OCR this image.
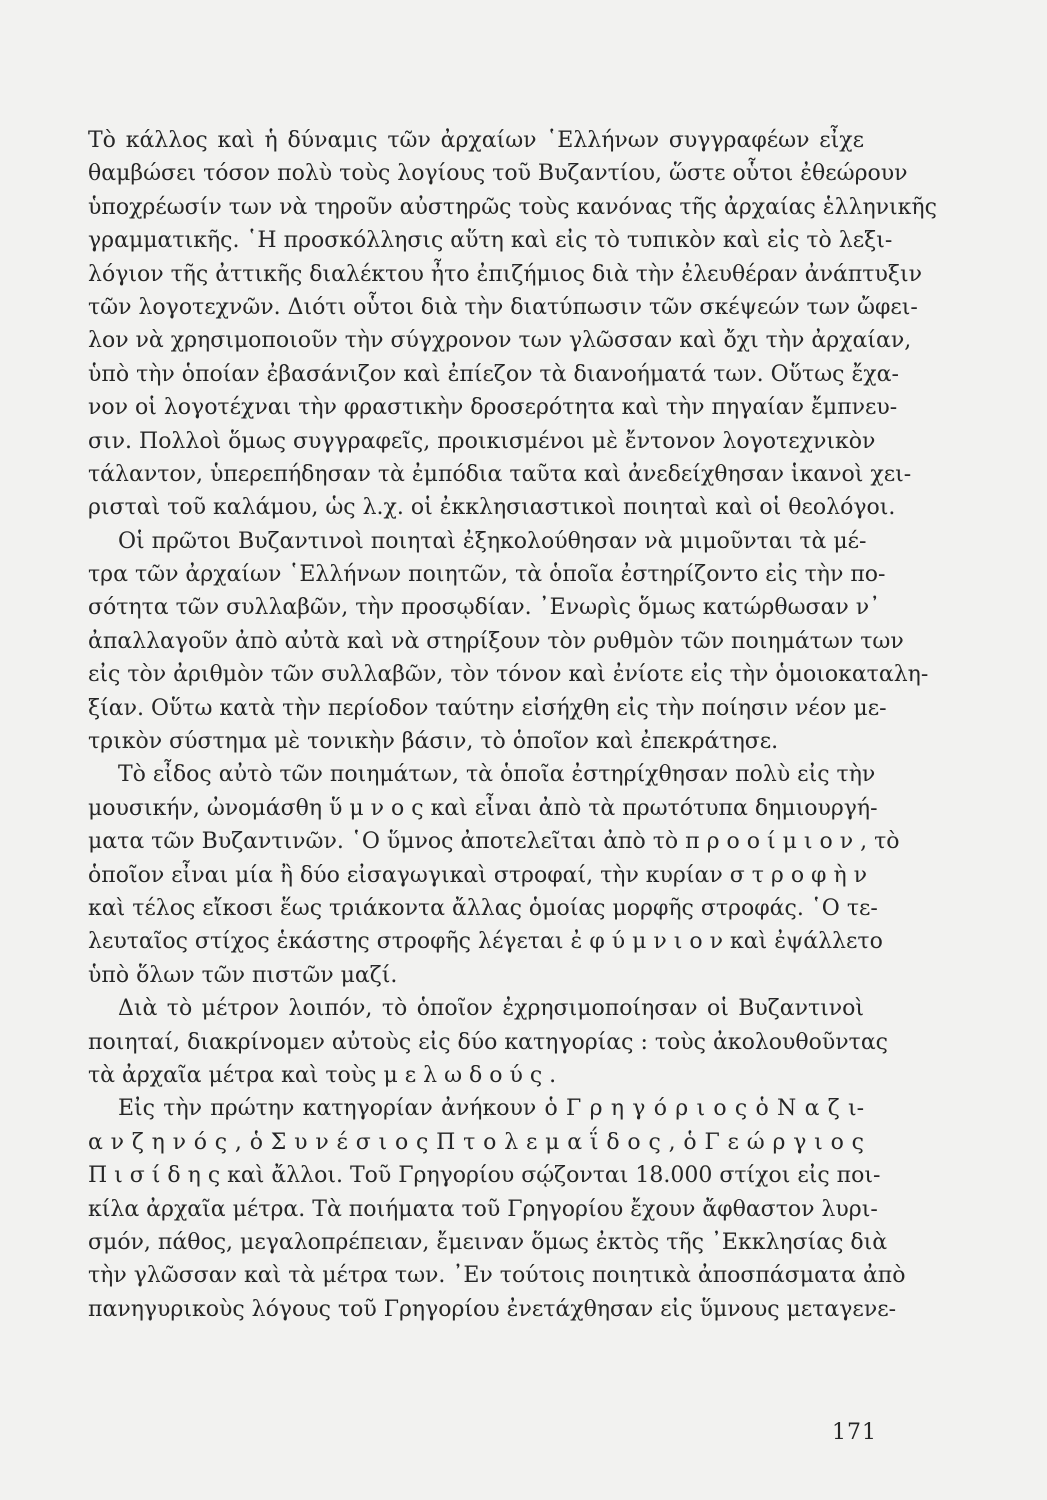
Τὸ κάλλος καὶ ἡ δύναμις τῶν ἀρχαίων ῾Ελλήνων συγγραφέων εἶχε
θαμβώσει τόσον πολὺ τοὺς λογίους τοῦ Βυζαντίου, ὥστε οὗτοι ἐθεώρουν
ὑποχρέωσίν των νὰ τηροῦν αὐστηρῶς τοὺς κανόνας τῆς ἀρχαίας ἑλληνικῆς
γραμματικῆς. ῾Η προσκόλλησις αὕτη καὶ εἰς τὸ τυπικὸν καὶ εἰς τὸ λεξι-
λόγιον τῆς ἀττικῆς διαλέκτου ἦτο ἐπιζήμιος διὰ τὴν ἐλευθέραν ἀνάπτυξιν
τῶν λογοτεχνῶν. Διότι οὗτοι διὰ τὴν διατύπωσιν τῶν σκέψεών των ὤφει-
λον νὰ χρησιμοποιοῦν τὴν σύγχρονον των γλῶσσαν καὶ ὄχι τὴν ἀρχαίαν,
ὑπὸ τὴν ὁποίαν ἐβασάνιζον καὶ ἐπίεζον τὰ διανοήματά των. Οὕτως ἔχα-
νον οἱ λογοτέχναι τὴν φραστικὴν δροσερότητα καὶ τὴν πηγαίαν ἔμπνευ-
σιν. Πολλοὶ ὅμως συγγραφεῖς, προικισμένοι μὲ ἔντονον λογοτεχνικὸν
τάλαντον, ὑπερεπήδησαν τὰ ἐμπόδια ταῦτα καὶ ἀνεδείχθησαν ἱκανοὶ χει-
ρισταὶ τοῦ καλάμου, ὡς λ.χ. οἱ ἐκκλησιαστικοὶ ποιηταὶ καὶ οἱ θεολόγοι.
Οἱ πρῶτοι Βυζαντινοὶ ποιηταὶ ἐξηκολούθησαν νὰ μιμοῦνται τὰ μέ-
τρα τῶν ἀρχαίων ῾Ελλήνων ποιητῶν, τὰ ὁποῖα ἐστηρίζοντο εἰς τὴν πο-
σότητα τῶν συλλαβῶν, τὴν προσῳδίαν. ᾿Ενωρὶς ὅμως κατώρθωσαν ν᾿
ἀπαλλαγοῦν ἀπὸ αὐτὰ καὶ νὰ στηρίξουν τὸν ρυθμὸν τῶν ποιημάτων των
εἰς τὸν ἀριθμὸν τῶν συλλαβῶν, τὸν τόνον καὶ ἐνίοτε εἰς τὴν ὁμοιοκαταλη-
ξίαν. Οὕτω κατὰ τὴν περίοδον ταύτην εἰσήχθη εἰς τὴν ποίησιν νέον με-
τρικὸν σύστημα μὲ τονικὴν βάσιν, τὸ ὁποῖον καὶ ἐπεκράτησε.
Τὸ εἶδος αὐτὸ τῶν ποιημάτων, τὰ ὁποῖα ἐστηρίχθησαν πολὺ εἰς τὴν
μουσικήν, ὠνομάσθη ὕ μ ν ο ς καὶ εἶναι ἀπὸ τὰ πρωτότυπα δημιουργή-
ματα τῶν Βυζαντινῶν. ῾Ο ὕμνος ἀποτελεῖται ἀπὸ τὸ π ρ ο ο ί μ ι ο ν , τὸ
ὁποῖον εἶναι μία ἢ δύο εἰσαγωγικαὶ στροφαί, τὴν κυρίαν σ τ ρ ο φ ὴ ν
καὶ τέλος εἴκοσι ἕως τριάκοντα ἄλλας ὁμοίας μορφῆς στροφάς. ῾Ο τε-
λευταῖος στίχος ἑκάστης στροφῆς λέγεται ἐ φ ύ μ ν ι ο ν καὶ ἐψάλλετο
ὑπὸ ὅλων τῶν πιστῶν μαζί.
Διὰ τὸ μέτρον λοιπόν, τὸ ὁποῖον ἐχρησιμοποίησαν οἱ Βυζαντινοὶ
ποιηταί, διακρίνομεν αὐτοὺς εἰς δύο κατηγορίας : τοὺς ἀκολουθοῦντας
τὰ ἀρχαῖα μέτρα καὶ τοὺς μ ε λ ω δ ο ύ ς .
Εἰς τὴν πρώτην κατηγορίαν ἀνήκουν ὁ Γ ρ η γ ό ρ ι ο ς ὁ Ν α ζ ι-
α ν ζ η ν ό ς , ὁ Σ υ ν έ σ ι ο ς Π τ ο λ ε μ α ΐ δ ο ς , ὁ Γ ε ώ ρ γ ι ο ς
Π ι σ ί δ η ς καὶ ἄλλοι. Τοῦ Γρηγορίου σῴζονται 18.000 στίχοι εἰς ποι-
κίλα ἀρχαῖα μέτρα. Τὰ ποιήματα τοῦ Γρηγορίου ἔχουν ἄφθαστον λυρι-
σμόν, πάθος, μεγαλοπρέπειαν, ἔμειναν ὅμως ἐκτὸς τῆς ᾿Εκκλησίας διὰ
τὴν γλῶσσαν καὶ τὰ μέτρα των. ᾿Εν τούτοις ποιητικὰ ἀποσπάσματα ἀπὸ
πανηγυρικοὺς λόγους τοῦ Γρηγορίου ἐνετάχθησαν εἰς ὕμνους μεταγενε-
171
